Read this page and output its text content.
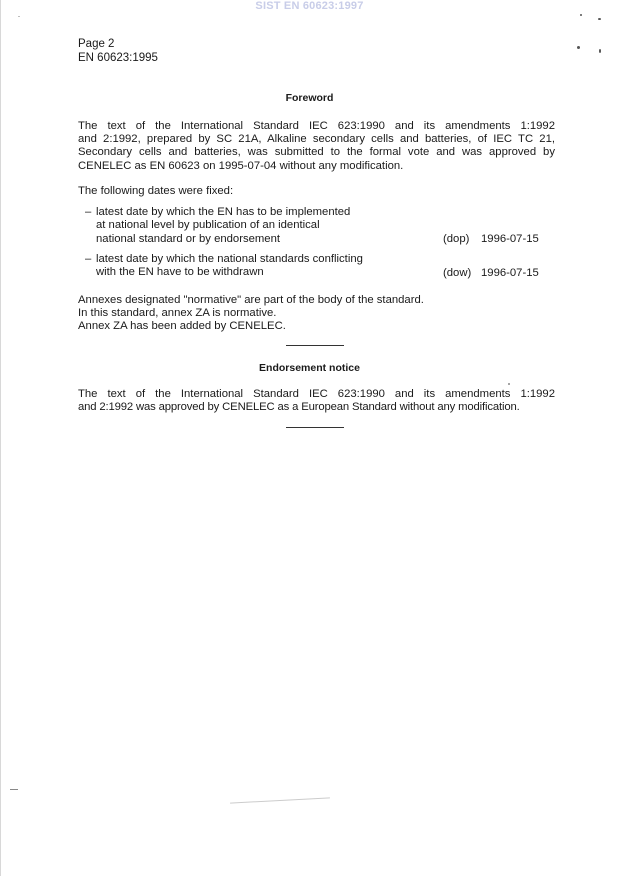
SIST EN 60623:1997
Page 2
EN 60623:1995
Foreword
The text of the International Standard IEC 623:1990 and its amendments 1:1992
and 2:1992, prepared by SC 21A, Alkaline secondary cells and batteries, of IEC TC 21,
Secondary cells and batteries, was submitted to the formal vote and was approved by
CENELEC as EN 60623 on 1995-07-04 without any modification.
The following dates were fixed:
– latest date by which the EN has to be implemented
at national level by publication of an identical
national standard or by endorsement	(dop)	1996-07-15
– latest date by which the national standards conflicting
with the EN have to be withdrawn	(dow) 1996-07-15
Annexes designated "normative" are part of the body of the standard.
In this standard, annex ZA is normative.
Annex ZA has been added by CENELEC.
Endorsement notice
The text of the International Standard IEC 623:1990 and its amendments 1:1992
and 2:1992 was approved by CENELEC as a European Standard without any modification.
